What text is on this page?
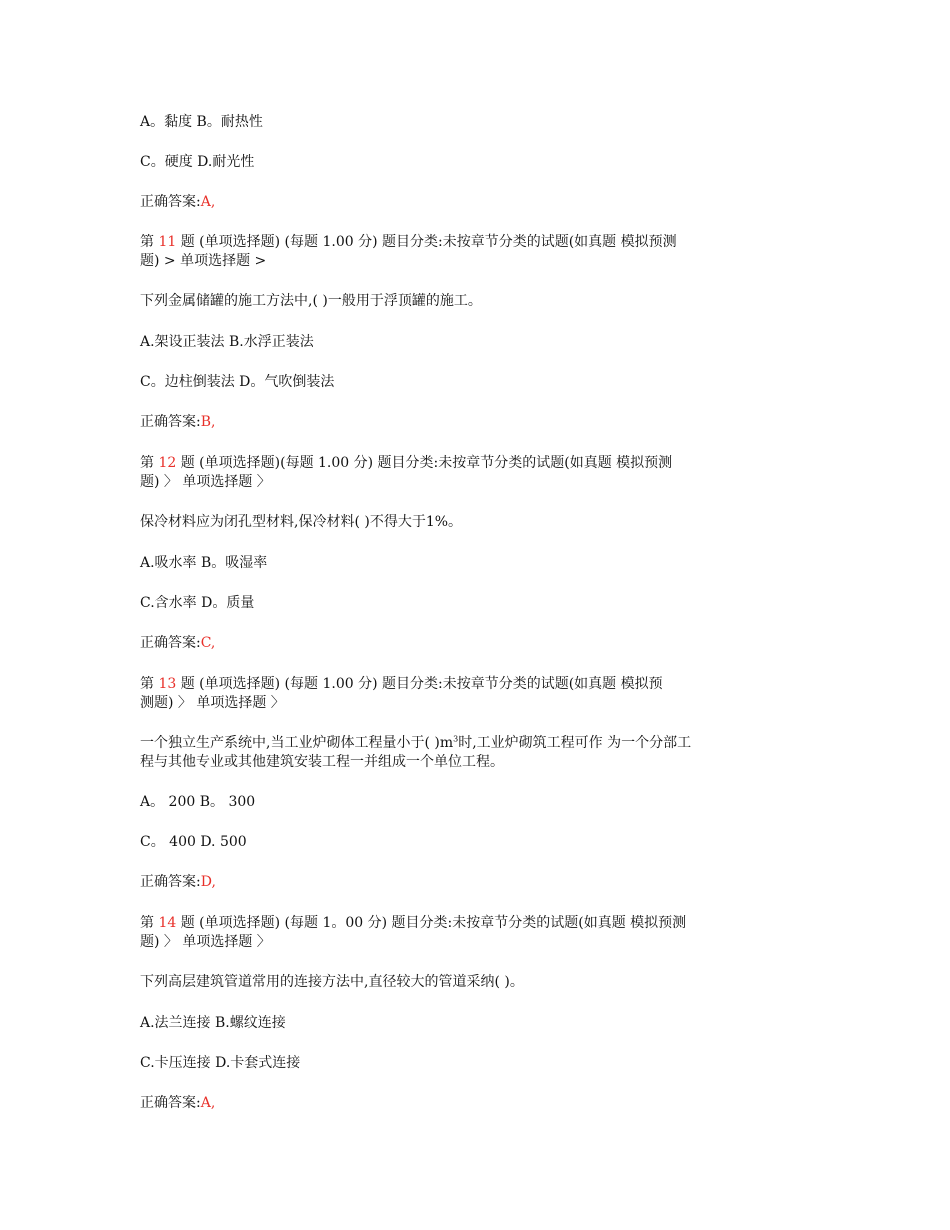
A。黏度 B。耐热性
C。硬度 D.耐光性
正确答案:A,
第 11 题 (单项选择题) (每题 1.00 分) 题目分类:未按章节分类的试题(如真题 模拟预测
题) > 单项选择题 >
下列金属储罐的施工方法中,( )一般用于浮顶罐的施工。
A.架设正装法 B.水浮正装法
C。边柱倒装法 D。气吹倒装法
正确答案:B,
第 12 题 (单项选择题)(每题 1.00 分) 题目分类:未按章节分类的试题(如真题 模拟预测
题) 〉 单项选择题 〉
保冷材料应为闭孔型材料,保冷材料( )不得大于1%。
A.吸水率 B。吸湿率
C.含水率 D。质量
正确答案:C,
第 13 题 (单项选择题) (每题 1.00 分) 题目分类:未按章节分类的试题(如真题 模拟预
测题) 〉 单项选择题 〉
一个独立生产系统中,当工业炉砌体工程量小于( )$m^3$时,工业炉砌筑工程可作 为一个分部工
程与其他专业或其他建筑安装工程一并组成一个单位工程。
A。 200 B。 300
C。 400 D. 500
正确答案:D,
第 14 题 (单项选择题) (每题 1。00 分) 题目分类:未按章节分类的试题(如真题 模拟预测
题) 〉 单项选择题 〉
下列高层建筑管道常用的连接方法中,直径较大的管道采纳( )。
A.法兰连接 B.螺纹连接
C.卡压连接 D.卡套式连接
正确答案:A,
